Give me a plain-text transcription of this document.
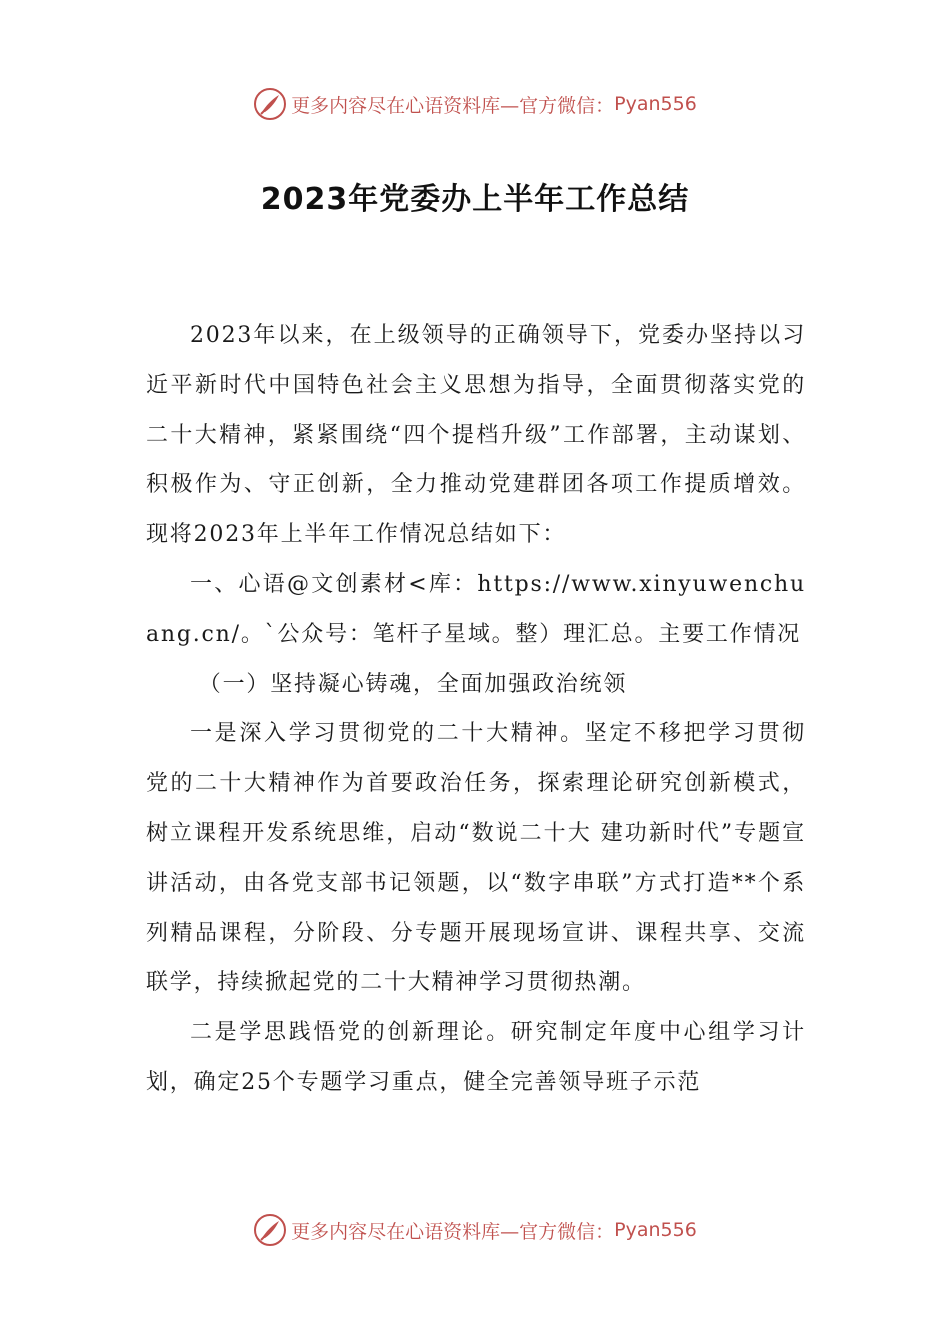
更多内容尽在心语资料库—官方微信： Pyan556
2023年党委办上半年工作总结

2023年以来，在上级领导的正确领导下，党委办坚持以习近平新时代中国特色社会主义思想为指导，全面贯彻落实党的二十大精神，紧紧围绕“四个提档升级”工作部署，主动谋划、积极作为、守正创新，全力推动党建群团各项工作提质增效。现将2023年上半年工作情况总结如下：

一、心语@文创素材<库：https://www.xinyuwenchuang.cn/。`公众号：笔杆子星域。整）理汇总。主要工作情况

（一）坚持凝心铸魂，全面加强政治统领

一是深入学习贯彻党的二十大精神。坚定不移把学习贯彻党的二十大精神作为首要政治任务，探索理论研究创新模式，树立课程开发系统思维，启动“数说二十大 建功新时代”专题宣讲活动，由各党支部书记领题，以“数字串联”方式打造**个系列精品课程，分阶段、分专题开展现场宣讲、课程共享、交流联学，持续掀起党的二十大精神学习贯彻热潮。

二是学思践悟党的创新理论。研究制定年度中心组学习计划，确定25个专题学习重点，健全完善领导班子示范

更多内容尽在心语资料库—官方微信： Pyan556
